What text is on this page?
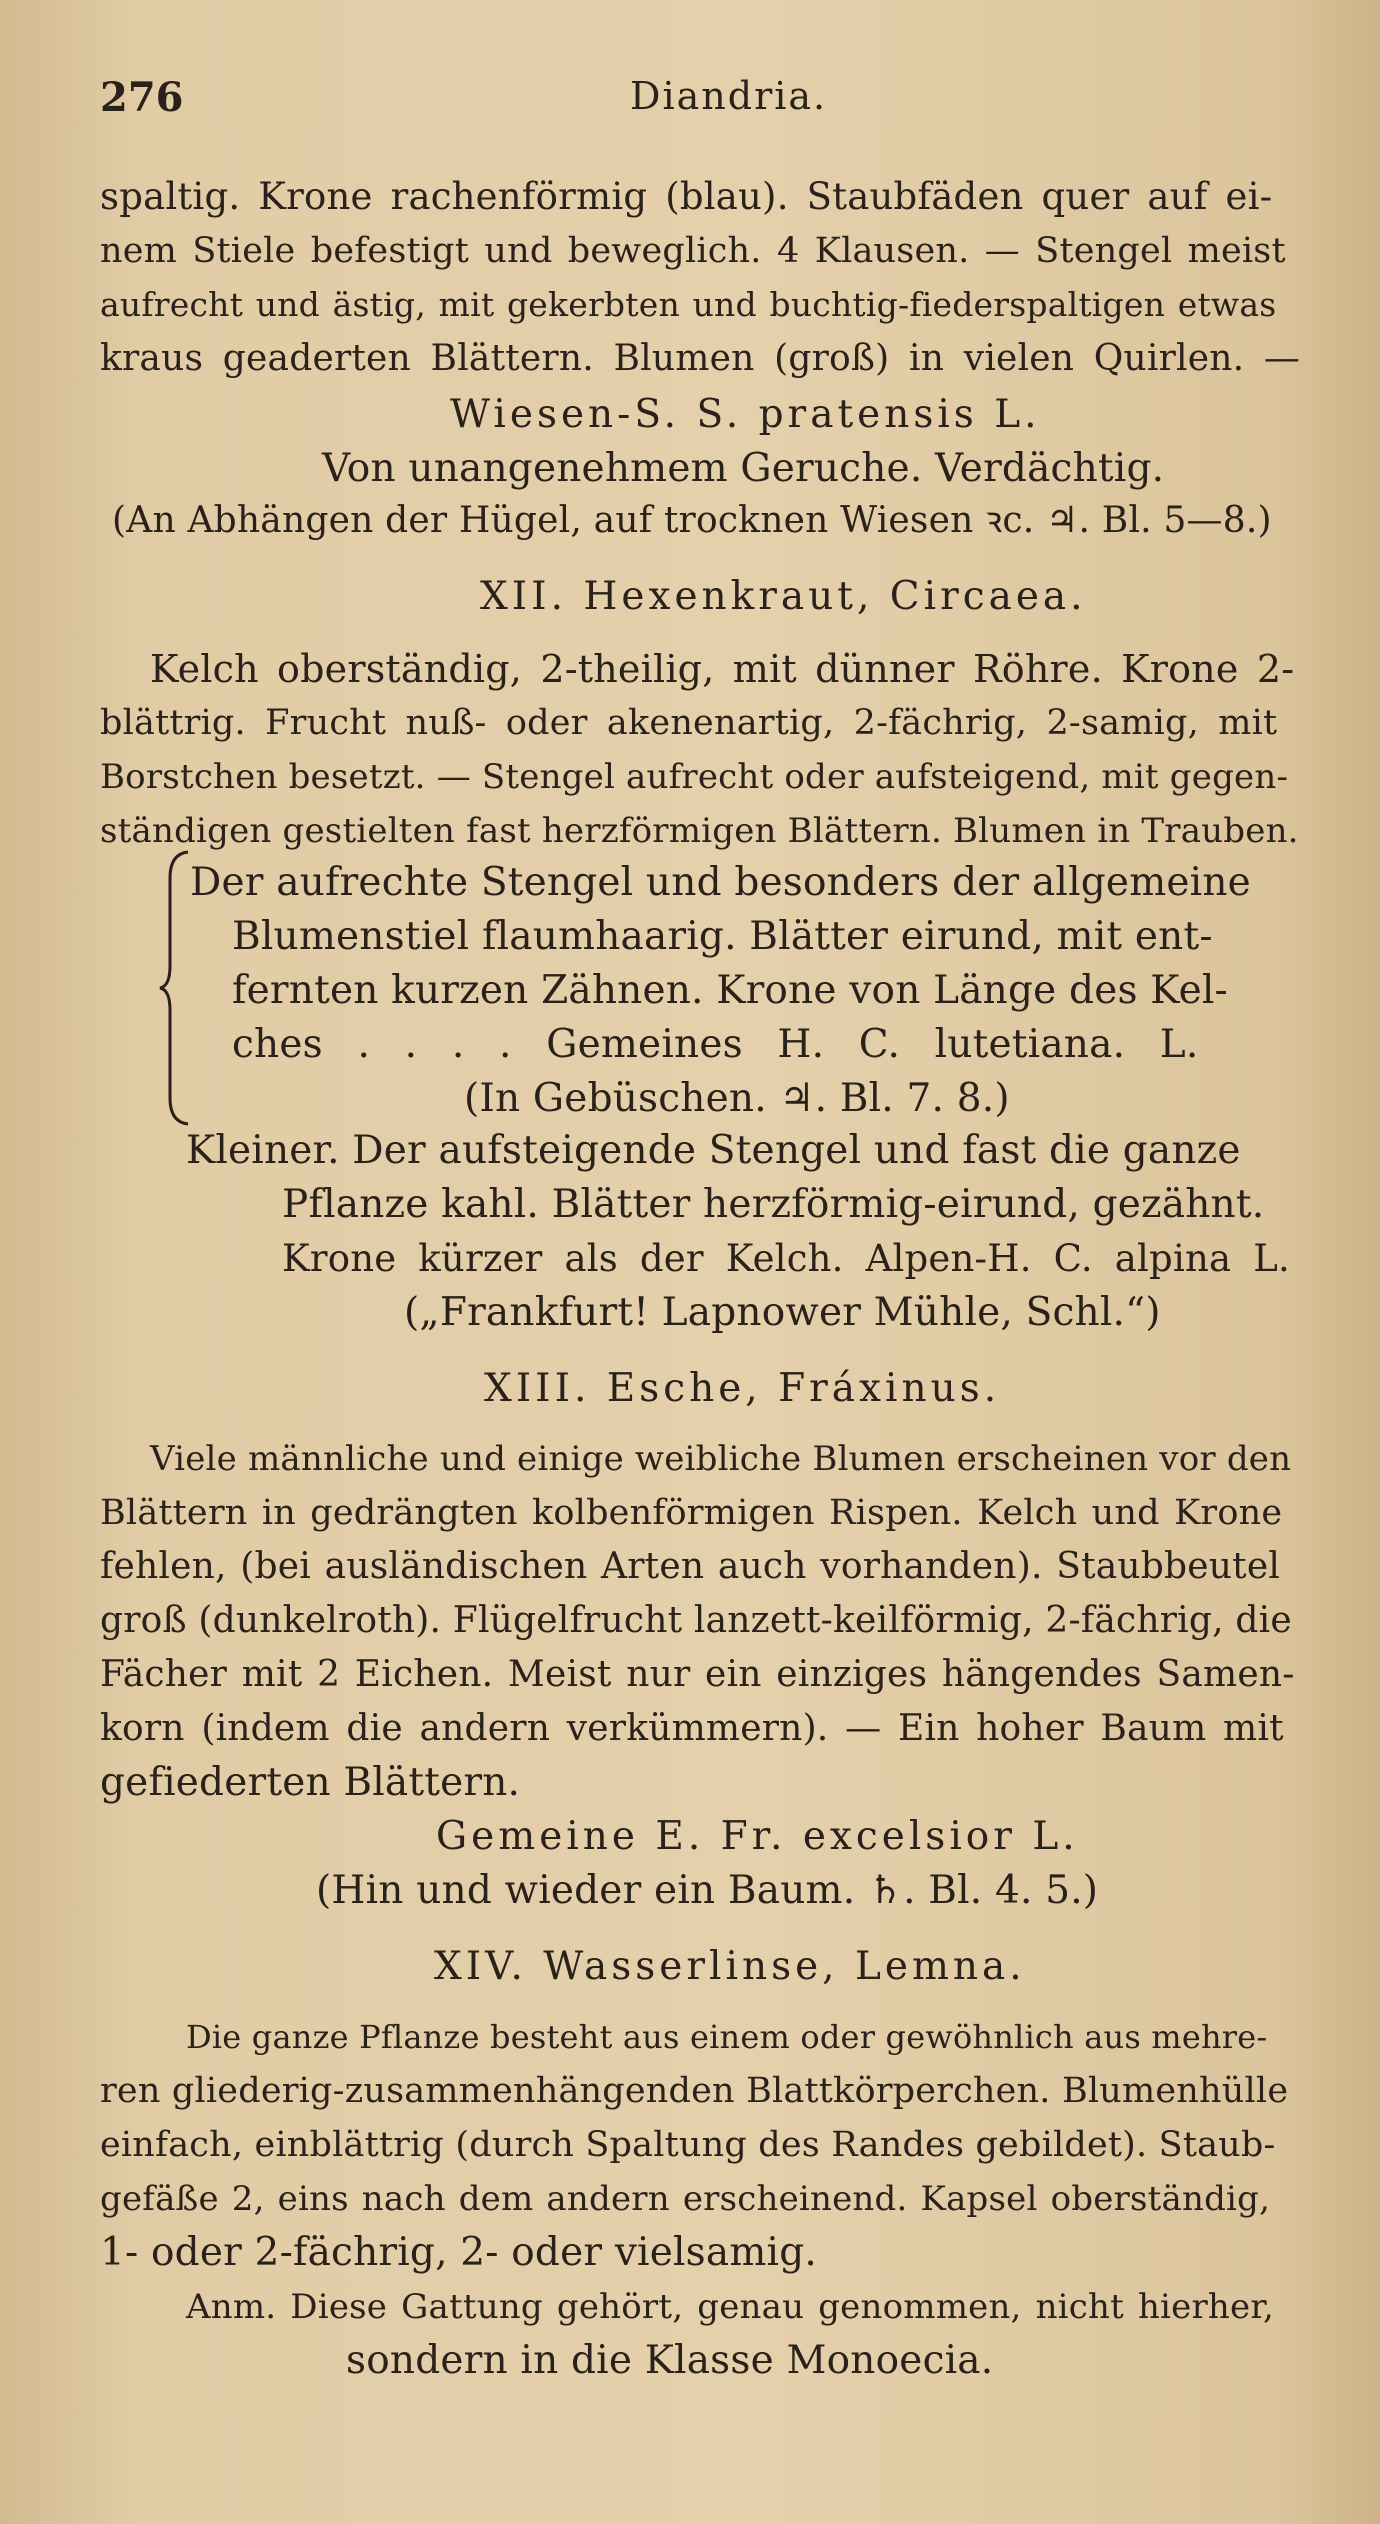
276	Diandria.
spaltig. Krone rachenförmig (blau). Staubfäden quer auf ei-
nem Stiele befestigt und beweglich. 4 Klausen. — Stengel meist
aufrecht und ästig, mit gekerbten und buchtig-fiederspaltigen etwas
kraus geaderten Blättern. Blumen (groß) in vielen Quirlen. —
Wiesen-S. S. pratensis L.
Von unangenehmem Geruche. Verdächtig.
(An Abhängen der Hügel, auf trocknen Wiesen ꝛc. ♃. Bl. 5—8.)
XII. Hexenkraut, Circaea.
Kelch oberständig, 2-theilig, mit dünner Röhre. Krone 2-
blättrig. Frucht nuß- oder akenenartig, 2-fächrig, 2-samig, mit
Borstchen besetzt. — Stengel aufrecht oder aufsteigend, mit gegen-
ständigen gestielten fast herzförmigen Blättern. Blumen in Trauben.
Der aufrechte Stengel und besonders der allgemeine
Blumenstiel flaumhaarig. Blätter eirund, mit ent-
fernten kurzen Zähnen. Krone von Länge des Kel-
ches . . . . Gemeines H. C. lutetiana. L.
(In Gebüschen. ♃. Bl. 7. 8.)
Kleiner. Der aufsteigende Stengel und fast die ganze
Pflanze kahl. Blätter herzförmig-eirund, gezähnt.
Krone kürzer als der Kelch. Alpen-H. C. alpina L.
(„Frankfurt! Lapnower Mühle, Schl.“)
XIII. Esche, Fráxinus.
Viele männliche und einige weibliche Blumen erscheinen vor den
Blättern in gedrängten kolbenförmigen Rispen. Kelch und Krone
fehlen, (bei ausländischen Arten auch vorhanden). Staubbeutel
groß (dunkelroth). Flügelfrucht lanzett-keilförmig, 2-fächrig, die
Fächer mit 2 Eichen. Meist nur ein einziges hängendes Samen-
korn (indem die andern verkümmern). — Ein hoher Baum mit
gefiederten Blättern.
Gemeine E. Fr. excelsior L.
(Hin und wieder ein Baum. ♄. Bl. 4. 5.)
XIV. Wasserlinse, Lemna.
Die ganze Pflanze besteht aus einem oder gewöhnlich aus mehre-
ren gliederig-zusammenhängenden Blattkörperchen. Blumenhülle
einfach, einblättrig (durch Spaltung des Randes gebildet). Staub-
gefäße 2, eins nach dem andern erscheinend. Kapsel oberständig,
1- oder 2-fächrig, 2- oder vielsamig.
Anm. Diese Gattung gehört, genau genommen, nicht hierher,
sondern in die Klasse Monoecia.
